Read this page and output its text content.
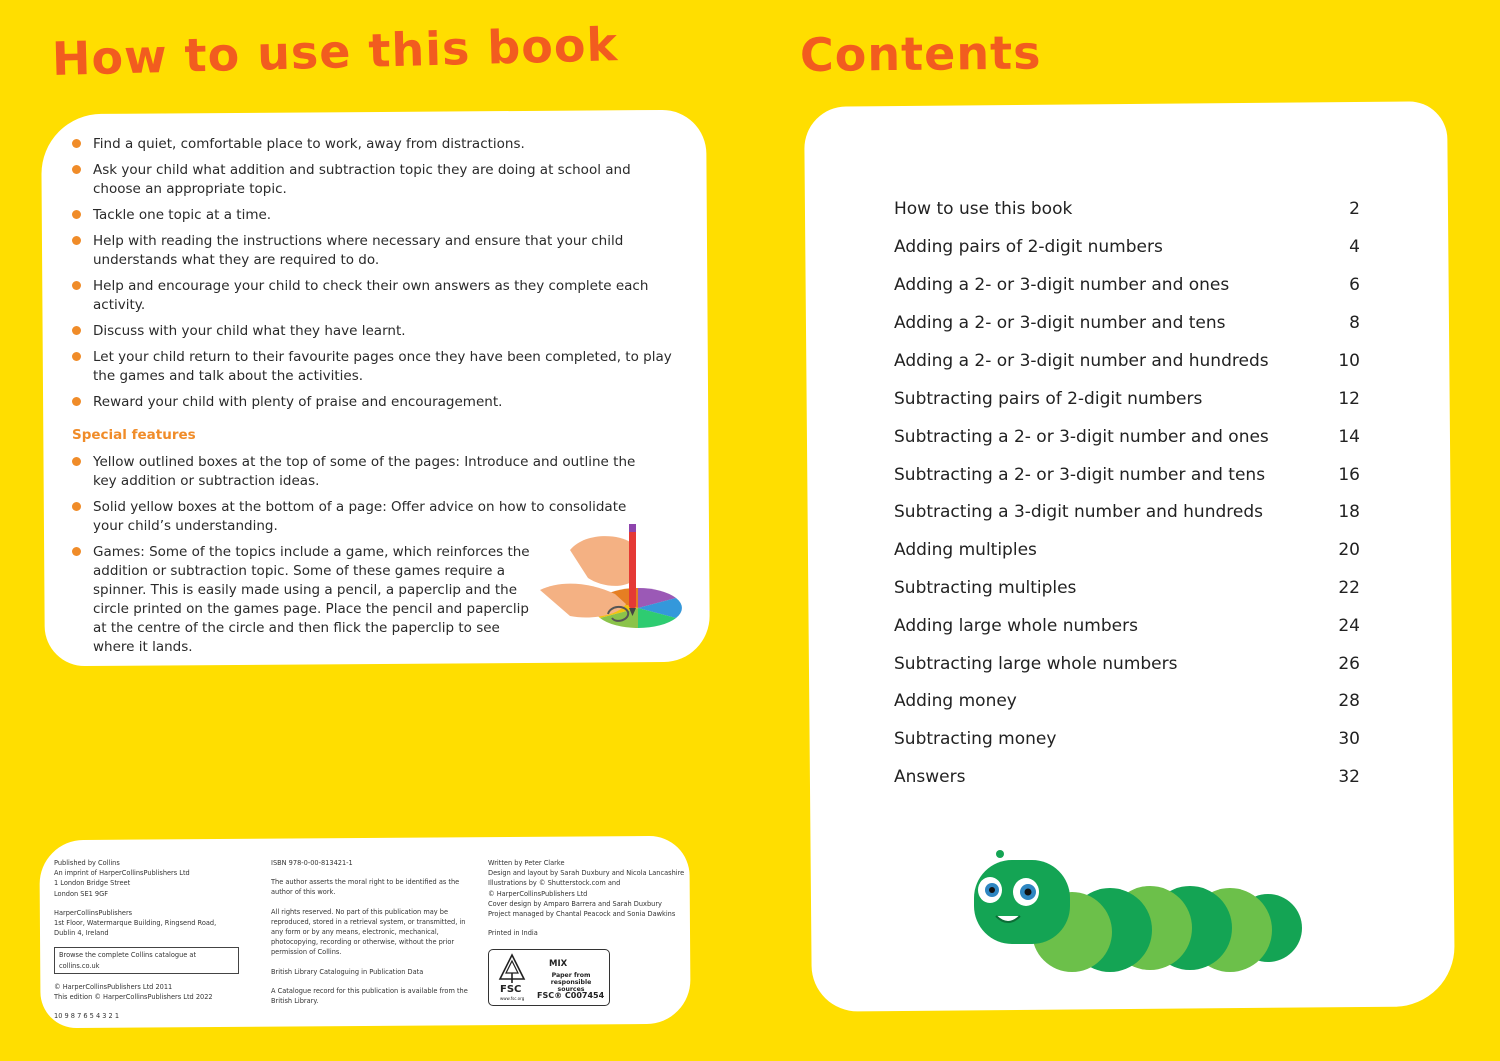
How to use this book
Find a quiet, comfortable place to work, away from distractions.
Ask your child what addition and subtraction topic they are doing at school and choose an appropriate topic.
Tackle one topic at a time.
Help with reading the instructions where necessary and ensure that your child understands what they are required to do.
Help and encourage your child to check their own answers as they complete each activity.
Discuss with your child what they have learnt.
Let your child return to their favourite pages once they have been completed, to play the games and talk about the activities.
Reward your child with plenty of praise and encouragement.
Special features
Yellow outlined boxes at the top of some of the pages: Introduce and outline the key addition or subtraction ideas.
Solid yellow boxes at the bottom of a page: Offer advice on how to consolidate your child’s understanding.
Games: Some of the topics include a game, which reinforces the addition or subtraction topic. Some of these games require a spinner. This is easily made using a pencil, a paperclip and the circle printed on the games page. Place the pencil and paperclip at the centre of the circle and then flick the paperclip to see where it lands.

Published by Collins
An imprint of HarperCollinsPublishers Ltd
1 London Bridge Street
London SE1 9GF

HarperCollinsPublishers
1st Floor, Watermarque Building, Ringsend Road,
Dublin 4, Ireland

Browse the complete Collins catalogue at collins.co.uk

© HarperCollinsPublishers Ltd 2011
This edition © HarperCollinsPublishers Ltd 2022

10 9 8 7 6 5 4 3 2 1

ISBN 978-0-00-813421-1

The author asserts the moral right to be identified as the author of this work.

All rights reserved. No part of this publication may be reproduced, stored in a retrieval system, or transmitted, in any form or by any means, electronic, mechanical, photocopying, recording or otherwise, without the prior permission of Collins.

British Library Cataloguing in Publication Data

A Catalogue record for this publication is available from the British Library.

Written by Peter Clarke
Design and layout by Sarah Duxbury and Nicola Lancashire
Illustrations by © Shutterstock.com and
© HarperCollinsPublishers Ltd
Cover design by Amparo Barrera and Sarah Duxbury
Project managed by Chantal Peacock and Sonia Dawkins

Printed in India

FSC
www.fsc.org
MIX
Paper from responsible sources
FSC® C007454
Contents
How to use this book	2
Adding pairs of 2-digit numbers	4
Adding a 2- or 3-digit number and ones	6
Adding a 2- or 3-digit number and tens	8
Adding a 2- or 3-digit number and hundreds	10
Subtracting pairs of 2-digit numbers	12
Subtracting a 2- or 3-digit number and ones	14
Subtracting a 2- or 3-digit number and tens	16
Subtracting a 3-digit number and hundreds	18
Adding multiples	20
Subtracting multiples	22
Adding large whole numbers	24
Subtracting large whole numbers	26
Adding money	28
Subtracting money	30
Answers	32
